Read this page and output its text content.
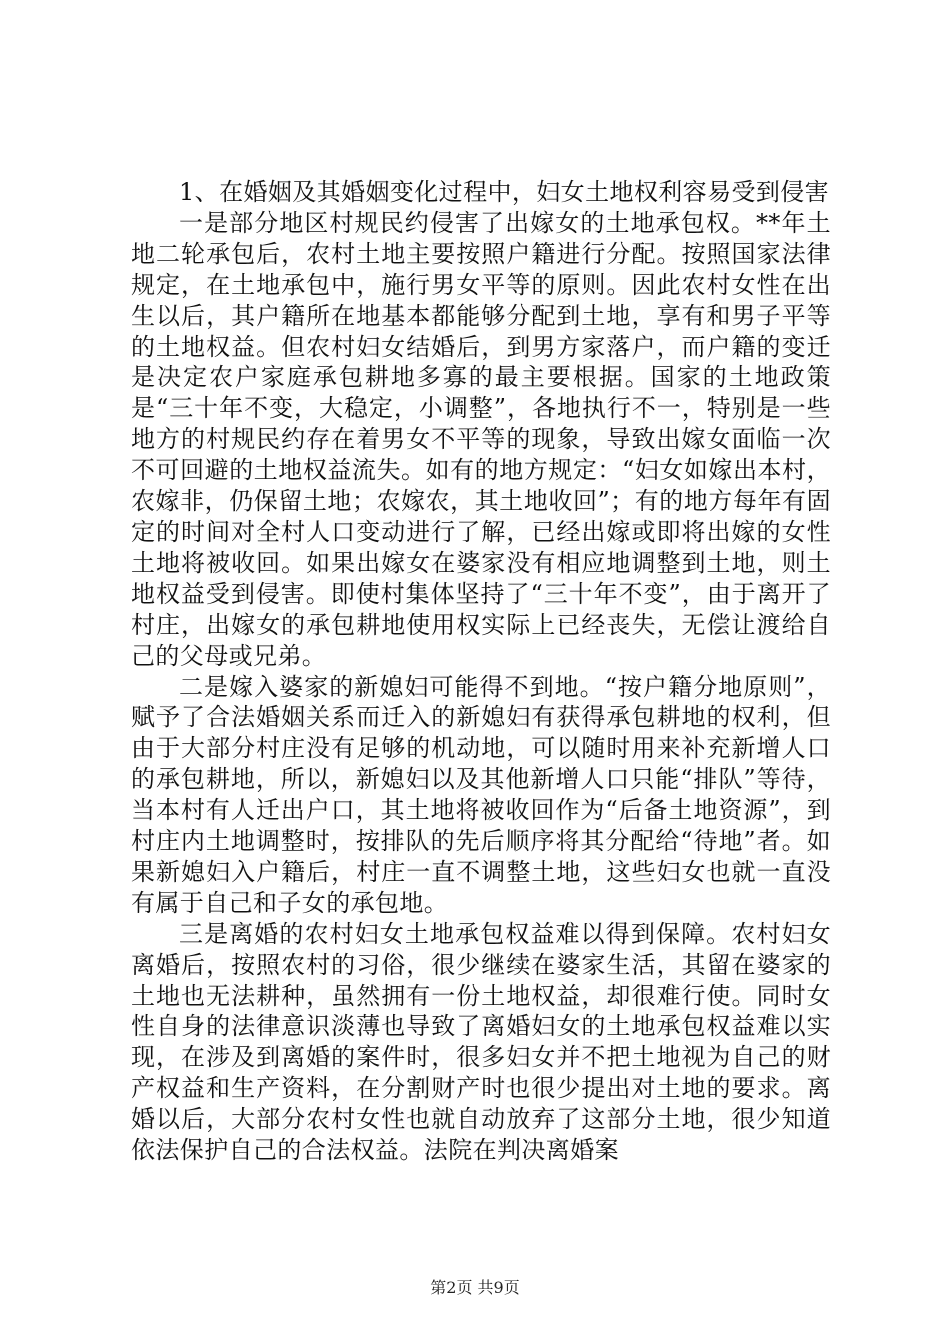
1、在婚姻及其婚姻变化过程中，妇女土地权利容易受到侵害

一是部分地区村规民约侵害了出嫁女的土地承包权。**年土地二轮承包后，农村土地主要按照户籍进行分配。按照国家法律规定，在土地承包中，施行男女平等的原则。因此农村女性在出生以后，其户籍所在地基本都能够分配到土地，享有和男子平等的土地权益。但农村妇女结婚后，到男方家落户，而户籍的变迁是决定农户家庭承包耕地多寡的最主要根据。国家的土地政策是“三十年不变，大稳定，小调整”，各地执行不一，特别是一些地方的村规民约存在着男女不平等的现象，导致出嫁女面临一次不可回避的土地权益流失。如有的地方规定：“妇女如嫁出本村，农嫁非，仍保留土地；农嫁农，其土地收回”；有的地方每年有固定的时间对全村人口变动进行了解，已经出嫁或即将出嫁的女性土地将被收回。如果出嫁女在婆家没有相应地调整到土地，则土地权益受到侵害。即使村集体坚持了“三十年不变”，由于离开了村庄，出嫁女的承包耕地使用权实际上已经丧失，无偿让渡给自己的父母或兄弟。

二是嫁入婆家的新媳妇可能得不到地。“按户籍分地原则”，赋予了合法婚姻关系而迁入的新媳妇有获得承包耕地的权利，但由于大部分村庄没有足够的机动地，可以随时用来补充新增人口的承包耕地，所以，新媳妇以及其他新增人口只能“排队”等待，当本村有人迁出户口，其土地将被收回作为“后备土地资源”，到村庄内土地调整时，按排队的先后顺序将其分配给“待地”者。如果新媳妇入户籍后，村庄一直不调整土地，这些妇女也就一直没有属于自己和子女的承包地。

三是离婚的农村妇女土地承包权益难以得到保障。农村妇女离婚后，按照农村的习俗，很少继续在婆家生活，其留在婆家的土地也无法耕种，虽然拥有一份土地权益，却很难行使。同时女性自身的法律意识淡薄也导致了离婚妇女的土地承包权益难以实现，在涉及到离婚的案件时，很多妇女并不把土地视为自己的财产权益和生产资料，在分割财产时也很少提出对土地的要求。离婚以后，大部分农村女性也就自动放弃了这部分土地，很少知道依法保护自己的合法权益。法院在判决离婚案

第2页 共9页
